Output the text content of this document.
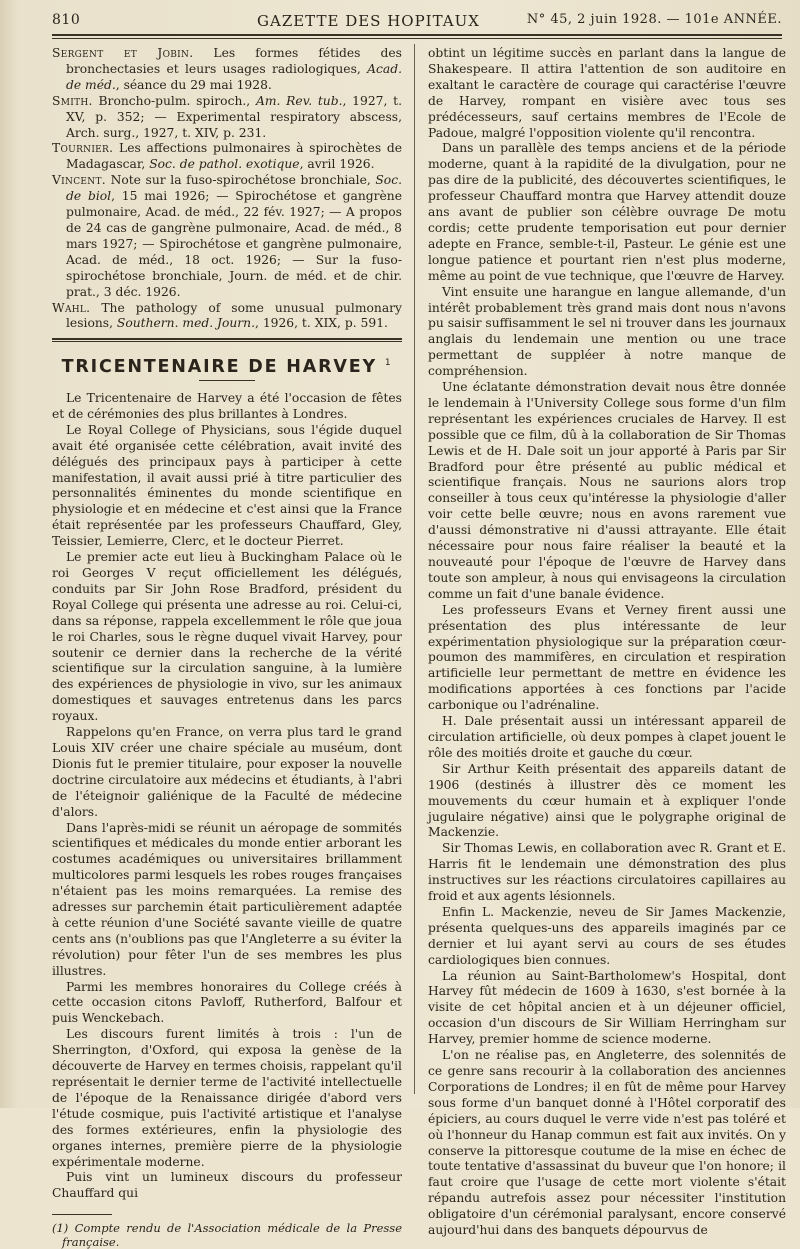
810	GAZETTE DES HOPITAUX	N° 45, 2 juin 1928. — 101e ANNÉE.

Sergent et Jobin. Les formes fétides des bronchectasies et leurs usages radiologiques, Acad. de méd., séance du 29 mai 1928.

Smith. Broncho-pulm. spiroch., Am. Rev. tub., 1927, t. XV, p. 352; — Experimental respiratory abscess, Arch. surg., 1927, t. XIV, p. 231.

Tournier. Les affections pulmonaires à spirochètes de Madagascar, Soc. de pathol. exotique, avril 1926.

Vincent. Note sur la fuso-spirochétose bronchiale, Soc. de biol, 15 mai 1926; — Spirochétose et gangrène pulmonaire, Acad. de méd., 22 fév. 1927; — A propos de 24 cas de gangrène pulmonaire, Acad. de méd., 8 mars 1927; — Spirochétose et gangrène pulmonaire, Acad. de méd., 18 oct. 1926; — Sur la fuso-spirochétose bronchiale, Journ. de méd. et de chir. prat., 3 déc. 1926.

Wahl. The pathology of some unusual pulmonary lesions, Southern. med. Journ., 1926, t. XIX, p. 591.

TRICENTENAIRE DE HARVEY $^1$

Le Tricentenaire de Harvey a été l'occasion de fêtes et de cérémonies des plus brillantes à Londres.

Le Royal College of Physicians, sous l'égide duquel avait été organisée cette célébration, avait invité des délégués des principaux pays à participer à cette manifestation, il avait aussi prié à titre particulier des personnalités éminentes du monde scientifique en physiologie et en médecine et c'est ainsi que la France était représentée par les professeurs Chauffard, Gley, Teissier, Lemierre, Clerc, et le docteur Pierret.

Le premier acte eut lieu à Buckingham Palace où le roi Georges V reçut officiellement les délégués, conduits par Sir John Rose Bradford, président du Royal College qui présenta une adresse au roi. Celui-ci, dans sa réponse, rappela excellemment le rôle que joua le roi Charles, sous le règne duquel vivait Harvey, pour soutenir ce dernier dans la recherche de la vérité scientifique sur la circulation sanguine, à la lumière des expériences de physiologie in vivo, sur les animaux domestiques et sauvages entretenus dans les parcs royaux.

Rappelons qu'en France, on verra plus tard le grand Louis XIV créer une chaire spéciale au muséum, dont Dionis fut le premier titulaire, pour exposer la nouvelle doctrine circulatoire aux médecins et étudiants, à l'abri de l'éteignoir galiénique de la Faculté de médecine d'alors.

Dans l'après-midi se réunit un aéropage de sommités scientifiques et médicales du monde entier arborant les costumes académiques ou universitaires brillamment multicolores parmi lesquels les robes rouges françaises n'étaient pas les moins remarquées. La remise des adresses sur parchemin était particulièrement adaptée à cette réunion d'une Société savante vieille de quatre cents ans (n'oublions pas que l'Angleterre a su éviter la révolution) pour fêter l'un de ses membres les plus illustres.

Parmi les membres honoraires du College créés à cette occasion citons Pavloff, Rutherford, Balfour et puis Wenckebach.

Les discours furent limités à trois : l'un de Sherrington, d'Oxford, qui exposa la genèse de la découverte de Harvey en termes choisis, rappelant qu'il représentait le dernier terme de l'activité intellectuelle de l'époque de la Renaissance dirigée d'abord vers l'étude cosmique, puis l'activité artistique et l'analyse des formes extérieures, enfin la physiologie des organes internes, première pierre de la physiologie expérimentale moderne.

Puis vint un lumineux discours du professeur Chauffard qui

(1) Compte rendu de l'Association médicale de la Presse française.

obtint un légitime succès en parlant dans la langue de Shakespeare. Il attira l'attention de son auditoire en exaltant le caractère de courage qui caractérise l'œuvre de Harvey, rompant en visière avec tous ses prédécesseurs, sauf certains membres de l'Ecole de Padoue, malgré l'opposition violente qu'il rencontra.

Dans un parallèle des temps anciens et de la période moderne, quant à la rapidité de la divulgation, pour ne pas dire de la publicité, des découvertes scientifiques, le professeur Chauffard montra que Harvey attendit douze ans avant de publier son célèbre ouvrage De motu cordis; cette prudente temporisation eut pour dernier adepte en France, semble-t-il, Pasteur. Le génie est une longue patience et pourtant rien n'est plus moderne, même au point de vue technique, que l'œuvre de Harvey.

Vint ensuite une harangue en langue allemande, d'un intérêt probablement très grand mais dont nous n'avons pu saisir suffisamment le sel ni trouver dans les journaux anglais du lendemain une mention ou une trace permettant de suppléer à notre manque de compréhension.

Une éclatante démonstration devait nous être donnée le lendemain à l'University College sous forme d'un film représentant les expériences cruciales de Harvey. Il est possible que ce film, dû à la collaboration de Sir Thomas Lewis et de H. Dale soit un jour apporté à Paris par Sir Bradford pour être présenté au public médical et scientifique français. Nous ne saurions alors trop conseiller à tous ceux qu'intéresse la physiologie d'aller voir cette belle œuvre; nous en avons rarement vue d'aussi démonstrative ni d'aussi attrayante. Elle était nécessaire pour nous faire réaliser la beauté et la nouveauté pour l'époque de l'œuvre de Harvey dans toute son ampleur, à nous qui envisageons la circulation comme un fait d'une banale évidence.

Les professeurs Evans et Verney firent aussi une présentation des plus intéressante de leur expérimentation physiologique sur la préparation cœur-poumon des mammifères, en circulation et respiration artificielle leur permettant de mettre en évidence les modifications apportées à ces fonctions par l'acide carbonique ou l'adrénaline.

H. Dale présentait aussi un intéressant appareil de circulation artificielle, où deux pompes à clapet jouent le rôle des moitiés droite et gauche du cœur.

Sir Arthur Keith présentait des appareils datant de 1906 (destinés à illustrer dès ce moment les mouvements du cœur humain et à expliquer l'onde jugulaire négative) ainsi que le polygraphe original de Mackenzie.

Sir Thomas Lewis, en collaboration avec R. Grant et E. Harris fit le lendemain une démonstration des plus instructives sur les réactions circulatoires capillaires au froid et aux agents lésionnels.

Enfin L. Mackenzie, neveu de Sir James Mackenzie, présenta quelques-uns des appareils imaginés par ce dernier et lui ayant servi au cours de ses études cardiologiques bien connues.

La réunion au Saint-Bartholomew's Hospital, dont Harvey fût médecin de 1609 à 1630, s'est bornée à la visite de cet hôpital ancien et à un déjeuner officiel, occasion d'un discours de Sir William Herringham sur Harvey, premier homme de science moderne.

L'on ne réalise pas, en Angleterre, des solennités de ce genre sans recourir à la collaboration des anciennes Corporations de Londres; il en fût de même pour Harvey sous forme d'un banquet donné à l'Hôtel corporatif des épiciers, au cours duquel le verre vide n'est pas toléré et où l'honneur du Hanap commun est fait aux invités. On y conserve la pittoresque coutume de la mise en échec de toute tentative d'assassinat du buveur que l'on honore; il faut croire que l'usage de cette mort violente s'était répandu autrefois assez pour nécessiter l'institution obligatoire d'un cérémonial paralysant, encore conservé aujourd'hui dans des banquets dépourvus de
